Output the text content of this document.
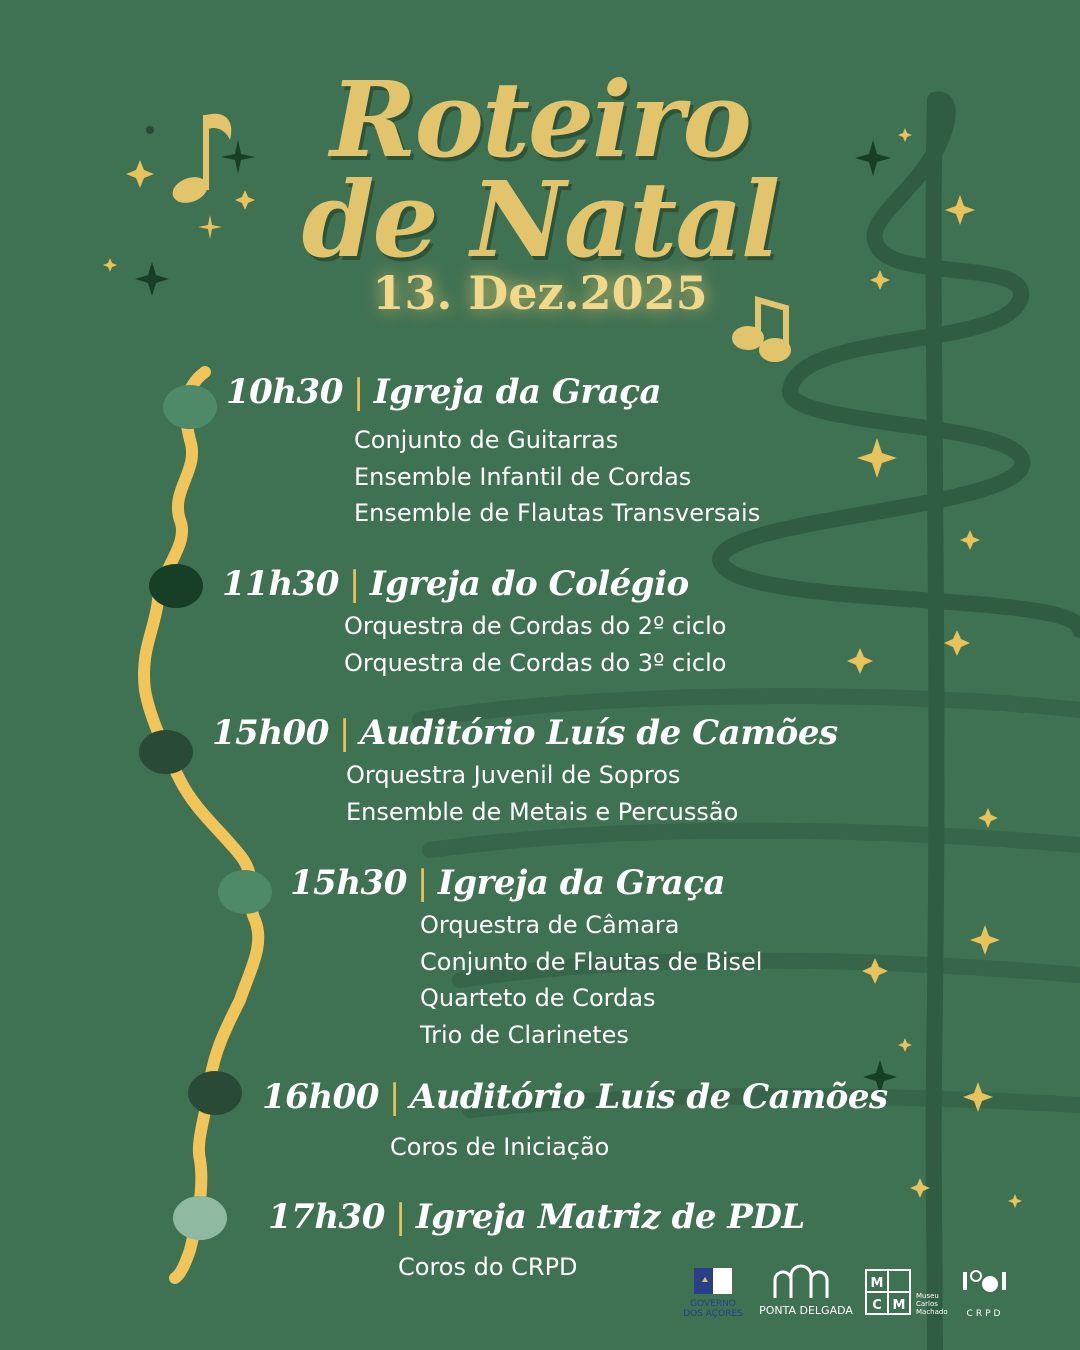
Roteiro
de Natal
13. Dez.2025
10h30 | Igreja da Graça
Conjunto de Guitarras
Ensemble Infantil de Cordas
Ensemble de Flautas Transversais
11h30 | Igreja do Colégio
Orquestra de Cordas do 2º ciclo
Orquestra de Cordas do 3º ciclo
15h00 | Auditório Luís de Camões
Orquestra Juvenil de Sopros
Ensemble de Metais e Percussão
15h30 | Igreja da Graça
Orquestra de Câmara
Conjunto de Flautas de Bisel
Quarteto de Cordas
Trio de Clarinetes
16h00 | Auditório Luís de Camões
Coros de Iniciação
17h30 | Igreja Matriz de PDL
Coros do CRPD
GOVERNO
DOS AÇORES PONTA DELGADA
M
C M
Museu
Carlos
Machado CRPD
